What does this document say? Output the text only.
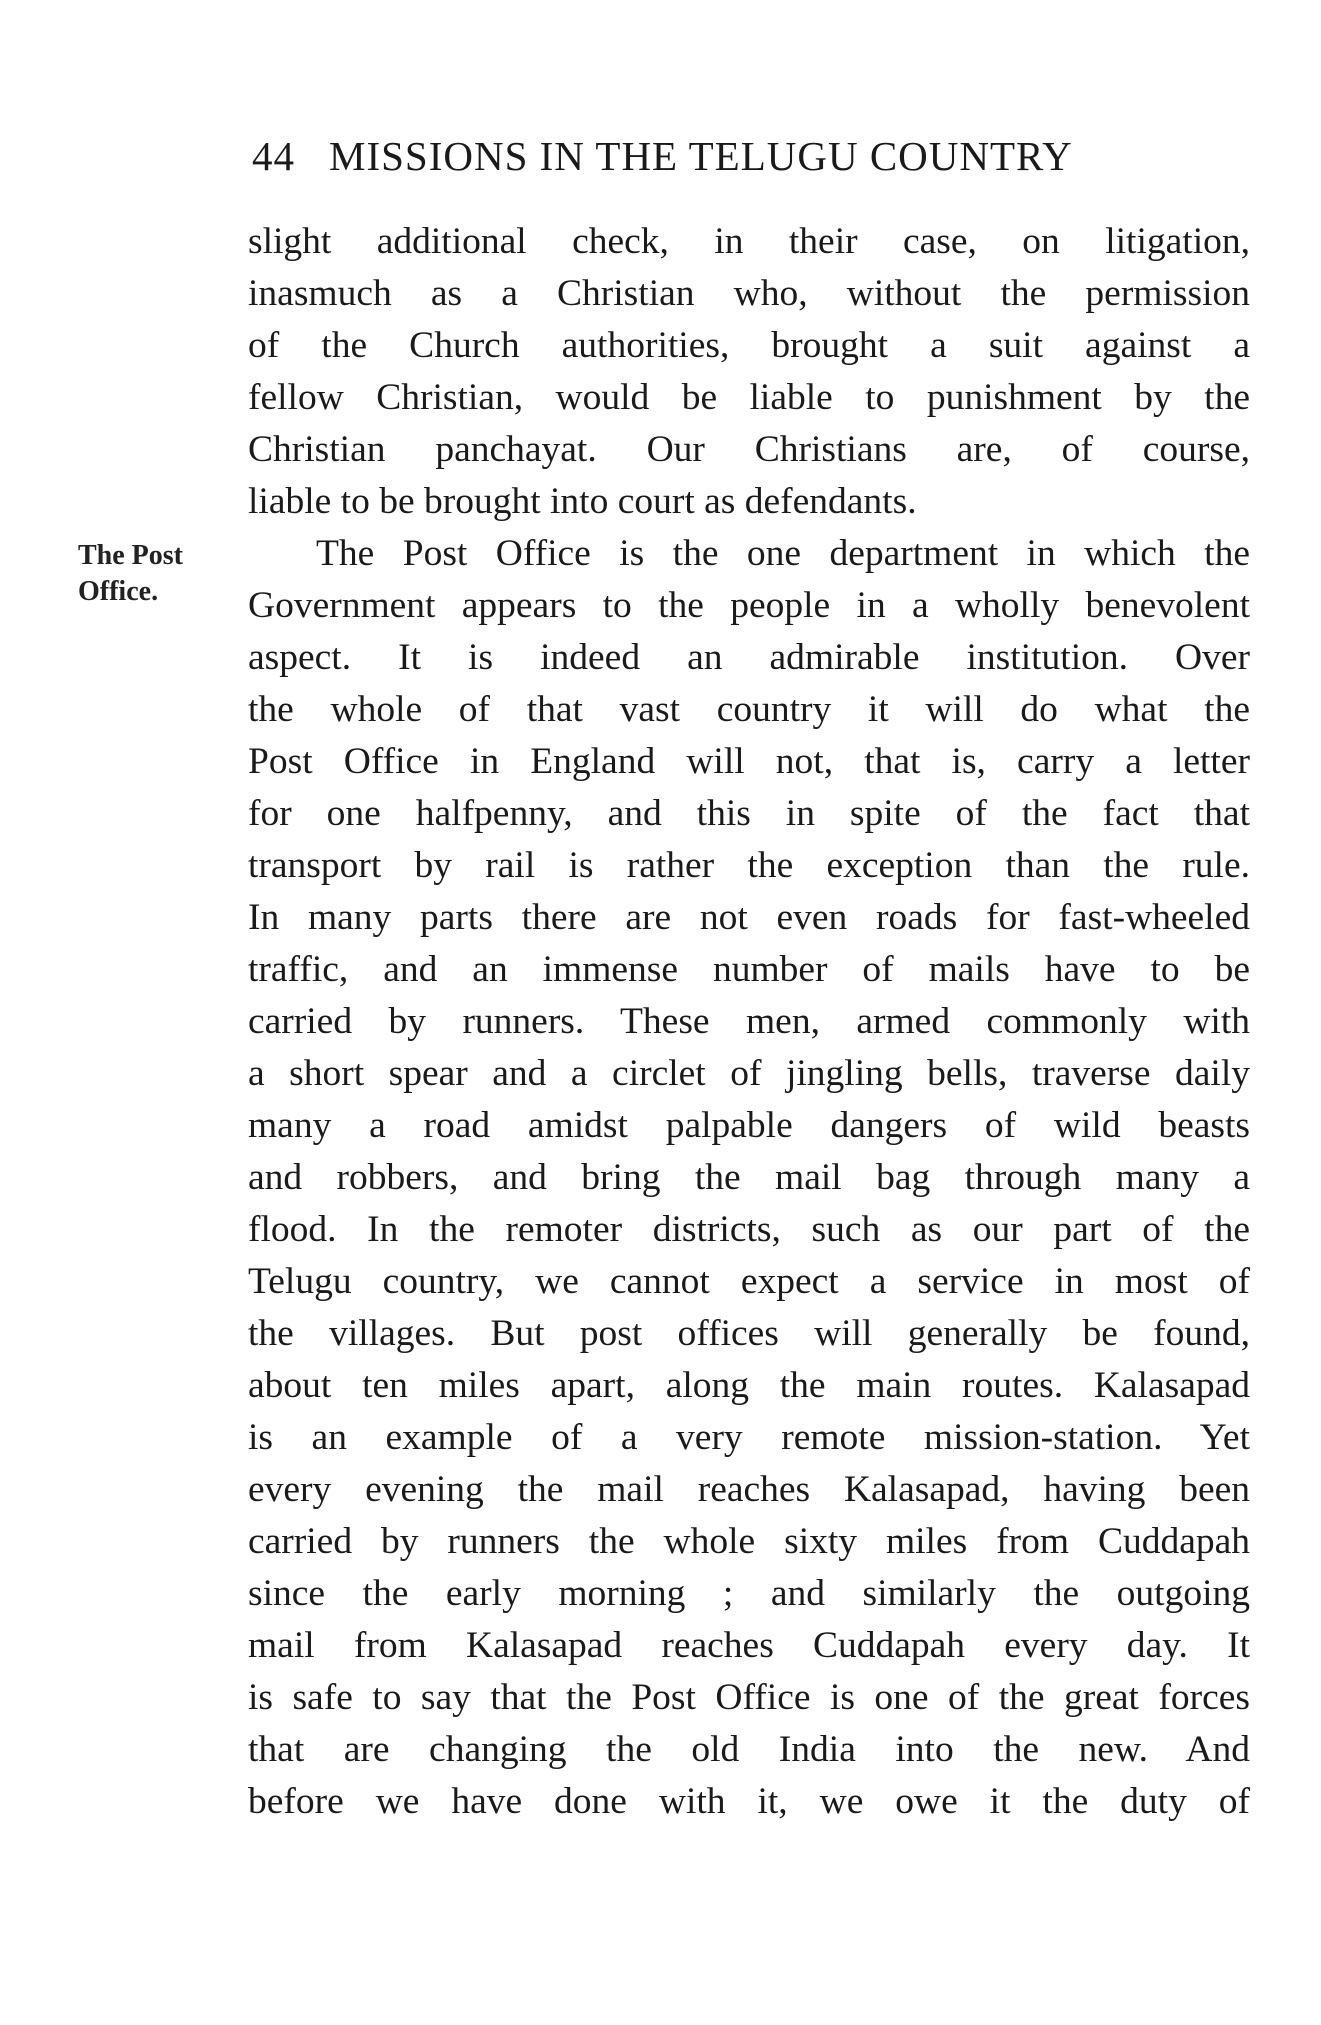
44 MISSIONS IN THE TELUGU COUNTRY
The Post
Office.
slight additional check, in their case, on litigation,
inasmuch as a Christian who, without the permission
of the Church authorities, brought a suit against a
fellow Christian, would be liable to punishment by the
Christian panchayat. Our Christians are, of course,
liable to be brought into court as defendants.
The Post Office is the one department in which the
Government appears to the people in a wholly benevolent
aspect. It is indeed an admirable institution. Over
the whole of that vast country it will do what the
Post Office in England will not, that is, carry a letter
for one halfpenny, and this in spite of the fact that
transport by rail is rather the exception than the rule.
In many parts there are not even roads for fast-wheeled
traffic, and an immense number of mails have to be
carried by runners. These men, armed commonly with
a short spear and a circlet of jingling bells, traverse daily
many a road amidst palpable dangers of wild beasts
and robbers, and bring the mail bag through many a
flood. In the remoter districts, such as our part of the
Telugu country, we cannot expect a service in most of
the villages. But post offices will generally be found,
about ten miles apart, along the main routes. Kalasapad
is an example of a very remote mission-station. Yet
every evening the mail reaches Kalasapad, having been
carried by runners the whole sixty miles from Cuddapah
since the early morning ; and similarly the outgoing
mail from Kalasapad reaches Cuddapah every day. It
is safe to say that the Post Office is one of the great forces
that are changing the old India into the new. And
before we have done with it, we owe it the duty of
